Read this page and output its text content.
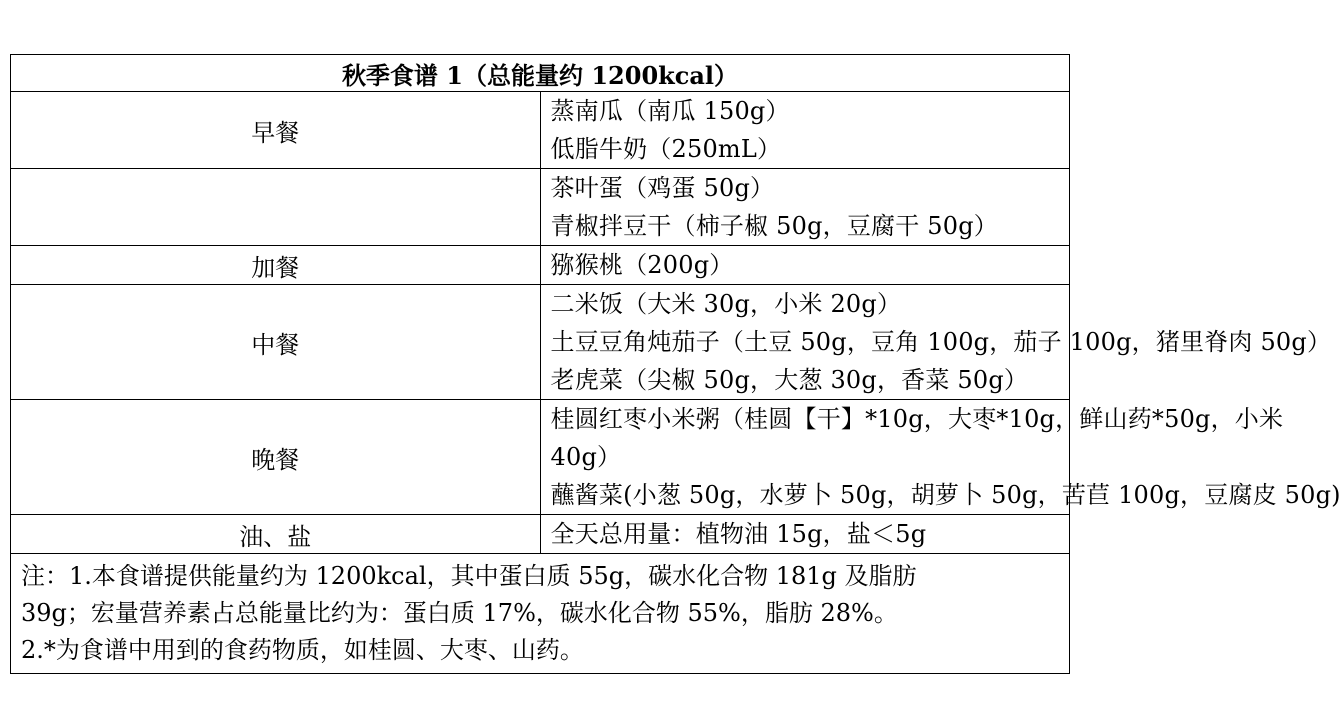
秋季食谱 1（总能量约 1200kcal）	
早餐	蒸南瓜（南瓜 150g）
低脂牛奶（250mL）

	茶叶蛋（鸡蛋 50g）
青椒拌豆干（柿子椒 50g，豆腐干 50g）

加餐	猕猴桃（200g）

中餐	二米饭（大米 30g，小米 20g）
土豆豆角炖茄子（土豆 50g，豆角 100g，茄子 100g，猪里脊肉 50g）
老虎菜（尖椒 50g，大葱 30g，香菜 50g）

晚餐	桂圆红枣小米粥（桂圆【干】*10g，大枣*10g，鲜山药*50g，小米
40g）
蘸酱菜(小葱 50g，水萝卜 50g，胡萝卜 50g，苦苣 100g，豆腐皮 50g)

油、盐	全天总用量：植物油 15g，盐＜5g

注：1.本食谱提供能量约为 1200kcal，其中蛋白质 55g，碳水化合物 181g 及脂肪
39g；宏量营养素占总能量比约为：蛋白质 17%，碳水化合物 55%，脂肪 28%。
2.*为食谱中用到的食药物质，如桂圆、大枣、山药。	
